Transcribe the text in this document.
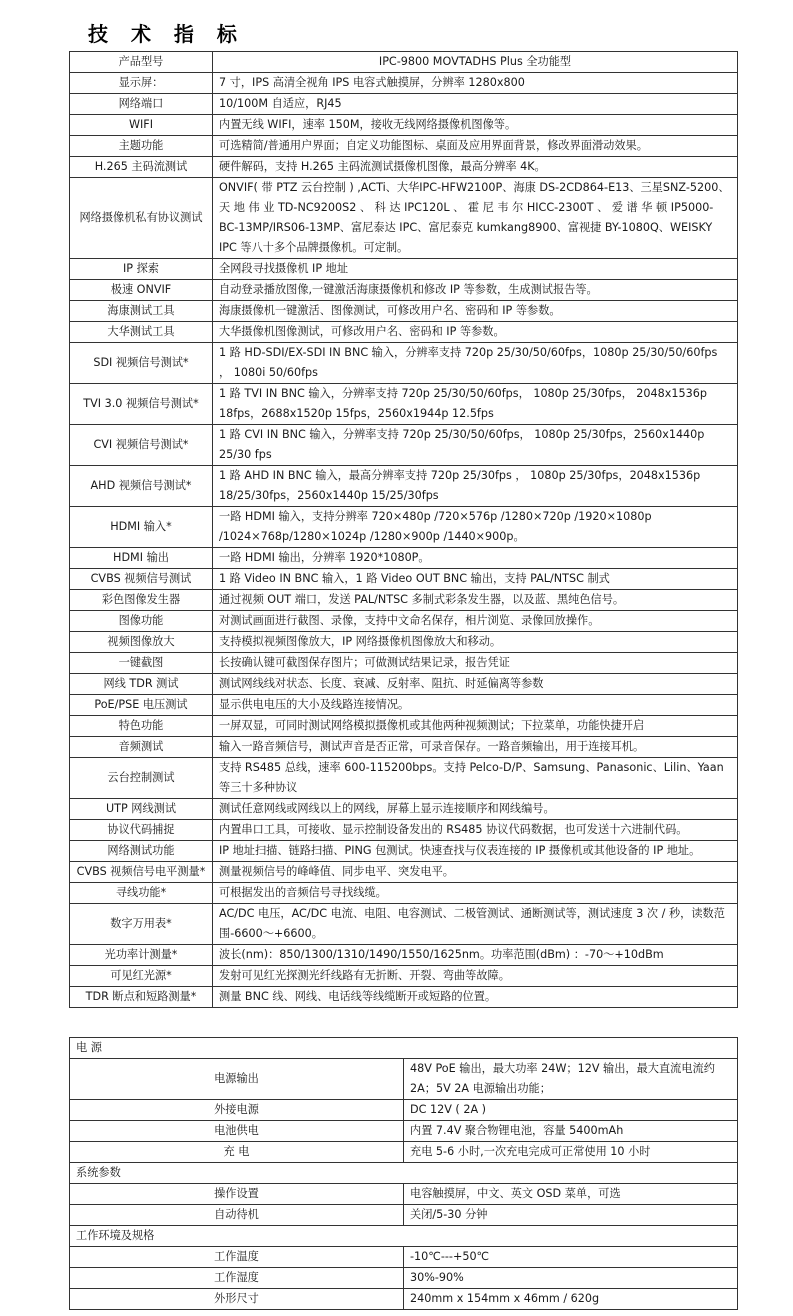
技 术 指 标
产品型号	IPC-9800 MOVTADHS Plus 全功能型
显示屏：	7 寸，IPS 高清全视角 IPS 电容式触摸屏，分辨率 1280x800
网络端口	10/100M 自适应，RJ45
WIFI	内置无线 WIFI，速率 150M，接收无线网络摄像机图像等。
主题功能	可选精简/普通用户界面；自定义功能图标、桌面及应用界面背景，修改界面滑动效果。
H.265 主码流测试	硬件解码，支持 H.265 主码流测试摄像机图像，最高分辨率 4K。
网络摄像机私有协议测试	ONVIF( 带 PTZ 云台控制 ) ,ACTi、大华IPC-HFW2100P、海康 DS-2CD864-E13、三星SNZ-5200、天 地 伟 业 TD-NC9200S2 、 科 达 IPC120L 、 霍 尼 韦 尔 HICC-2300T 、 爱 谱 华 顿 IP5000-BC-13MP/IRS06-13MP、富尼泰达 IPC、富尼泰克 kumkang8900、富视捷 BY-1080Q、WEISKY IPC 等八十多个品牌摄像机。可定制。
IP 探索	全网段寻找摄像机 IP 地址
极速 ONVIF	自动登录播放图像,一键激活海康摄像机和修改 IP 等参数，生成测试报告等。
海康测试工具	海康摄像机一键激活、图像测试，可修改用户名、密码和 IP 等参数。
大华测试工具	大华摄像机图像测试，可修改用户名、密码和 IP 等参数。
SDI 视频信号测试*	1 路 HD-SDI/EX-SDI IN BNC 输入，分辨率支持 720p 25/30/50/60fps，1080p 25/30/50/60fps ， 1080i 50/60fps
TVI 3.0 视频信号测试*	1 路 TVI IN BNC 输入，分辨率支持 720p 25/30/50/60fps， 1080p 25/30fps， 2048x1536p 18fps，2688x1520p 15fps，2560x1944p 12.5fps
CVI 视频信号测试*	1 路 CVI IN BNC 输入，分辨率支持 720p 25/30/50/60fps， 1080p 25/30fps，2560x1440p 25/30 fps
AHD 视频信号测试*	1 路 AHD IN BNC 输入，最高分辨率支持 720p 25/30fps ， 1080p 25/30fps，2048x1536p 18/25/30fps，2560x1440p 15/25/30fps
HDMI 输入*	一路 HDMI 输入，支持分辨率 720×480p /720×576p /1280×720p /1920×1080p /1024×768p/1280×1024p /1280×900p /1440×900p。
HDMI 输出	一路 HDMI 输出，分辨率 1920*1080P。
CVBS 视频信号测试	1 路 Video IN BNC 输入，1 路 Video OUT BNC 输出，支持 PAL/NTSC 制式
彩色图像发生器	通过视频 OUT 端口，发送 PAL/NTSC 多制式彩条发生器，以及蓝、黑纯色信号。
图像功能	对测试画面进行截图、录像，支持中文命名保存，相片浏览、录像回放操作。
视频图像放大	支持模拟视频图像放大，IP 网络摄像机图像放大和移动。
一键截图	长按确认键可截图保存图片；可做测试结果记录，报告凭证
网线 TDR 测试	测试网线线对状态、长度、衰减、反射率、阻抗、时延偏离等参数
PoE/PSE 电压测试	显示供电电压的大小及线路连接情况。
特色功能	一屏双显，可同时测试网络模拟摄像机或其他两种视频测试；下拉菜单，功能快捷开启
音频测试	输入一路音频信号，测试声音是否正常，可录音保存。一路音频输出，用于连接耳机。
云台控制测试	支持 RS485 总线，速率 600-115200bps。支持 Pelco-D/P、Samsung、Panasonic、Lilin、Yaan 等三十多种协议
UTP 网线测试	测试任意网线或网线以上的网线，屏幕上显示连接顺序和网线编号。
协议代码捕捉	内置串口工具，可接收、显示控制设备发出的 RS485 协议代码数据，也可发送十六进制代码。
网络测试功能	IP 地址扫描、链路扫描、PING 包测试。快速查找与仪表连接的 IP 摄像机或其他设备的 IP 地址。
CVBS 视频信号电平测量*	测量视频信号的峰峰值、同步电平、突发电平。
寻线功能*	可根据发出的音频信号寻找线缆。
数字万用表*	AC/DC 电压，AC/DC 电流、电阻、电容测试、二极管测试、通断测试等，测试速度 3 次 / 秒，读数范围-6600～+6600。
光功率计测量*	波长(nm)：850/1300/1310/1490/1550/1625nm。功率范围(dBm) ：-70～+10dBm
可见红光源*	发射可见红光探测光纤线路有无折断、开裂、弯曲等故障。
TDR 断点和短路测量*	测量 BNC 线、网线、电话线等线缆断开或短路的位置。
电 源	
电源输出	48V PoE 输出，最大功率 24W；12V 输出，最大直流电流约 2A；5V 2A 电源输出功能；
外接电源	DC 12V ( 2A )
电池供电	内置 7.4V 聚合物锂电池，容量 5400mAh
充 电	充电 5-6 小时,一次充电完成可正常使用 10 小时
系统参数	
操作设置	电容触摸屏，中文、英文 OSD 菜单，可选
自动待机	关闭/5-30 分钟
工作环境及规格	
工作温度	-10℃---+50℃
工作湿度	30%-90%
外形尺寸	240mm x 154mm x 46mm / 620g
